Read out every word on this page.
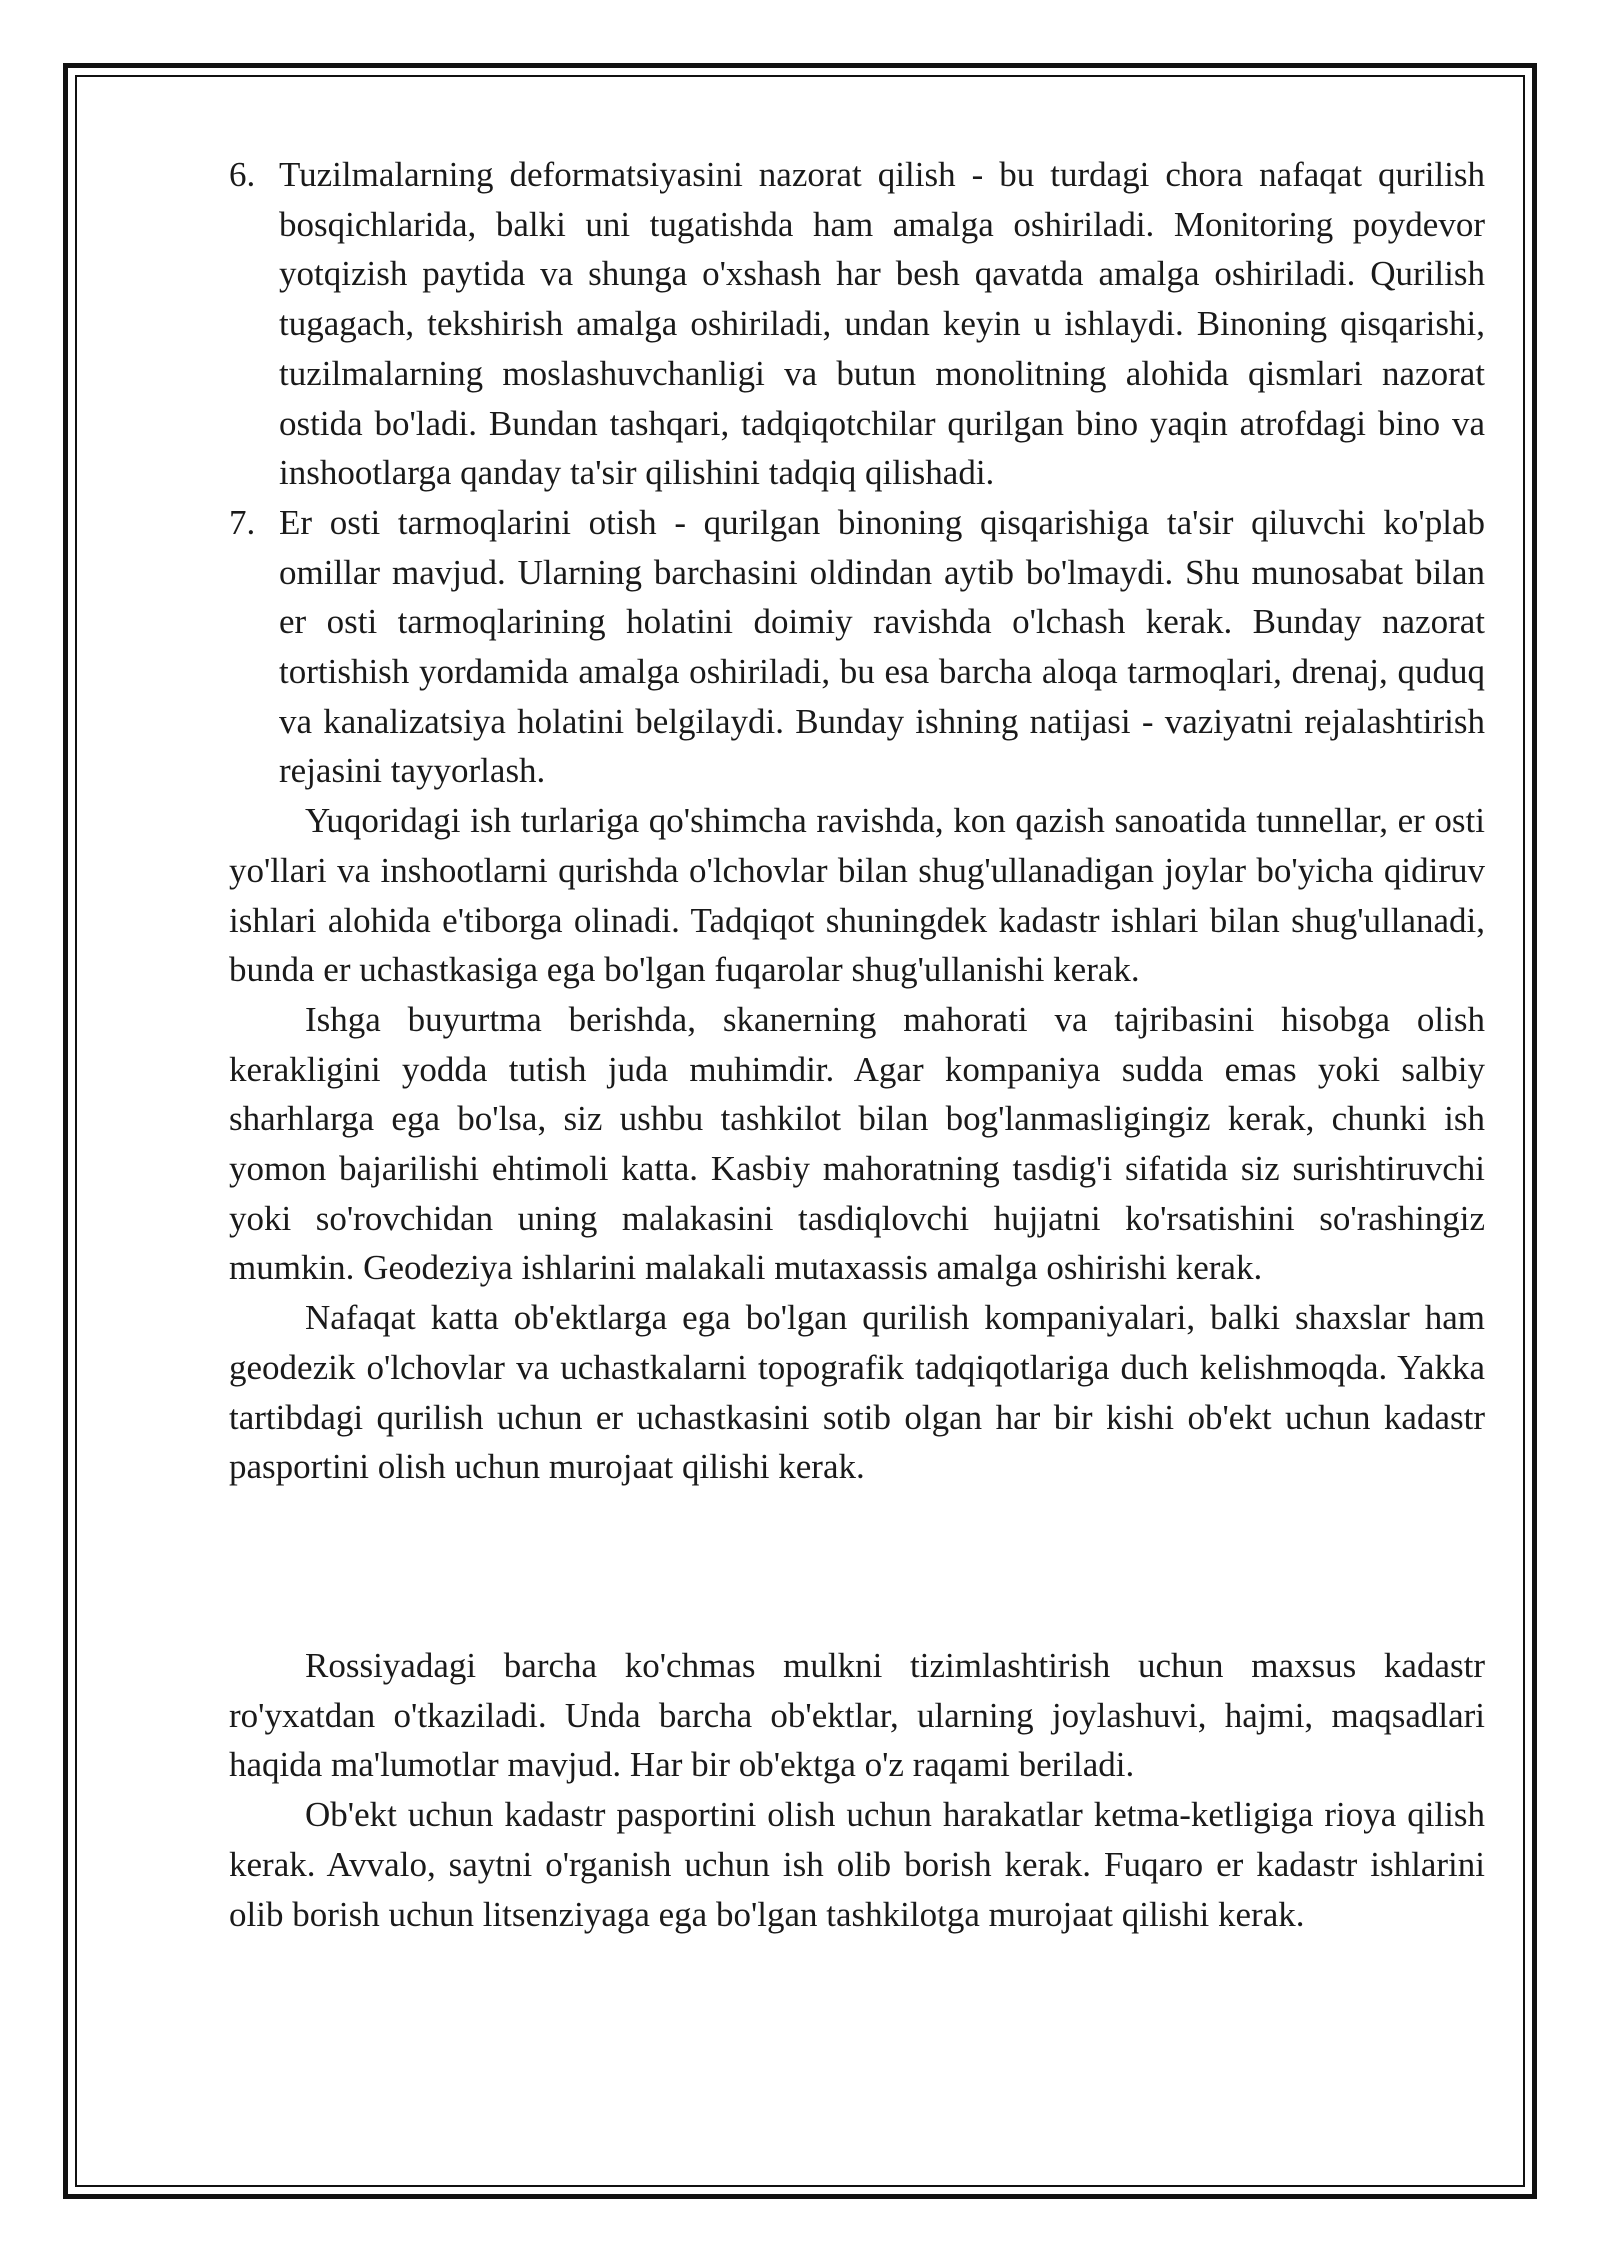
6. Tuzilmalarning deformatsiyasini nazorat qilish - bu turdagi chora nafaqat qurilish bosqichlarida, balki uni tugatishda ham amalga oshiriladi. Monitoring poydevor yotqizish paytida va shunga o'xshash har besh qavatda amalga oshiriladi. Qurilish tugagach, tekshirish amalga oshiriladi, undan keyin u ishlaydi. Binoning qisqarishi, tuzilmalarning moslashuvchanligi va butun monolitning alohida qismlari nazorat ostida bo'ladi. Bundan tashqari, tadqiqotchilar qurilgan bino yaqin atrofdagi bino va inshootlarga qanday ta'sir qilishini tadqiq qilishadi.
7. Er osti tarmoqlarini otish - qurilgan binoning qisqarishiga ta'sir qiluvchi ko'plab omillar mavjud. Ularning barchasini oldindan aytib bo'lmaydi. Shu munosabat bilan er osti tarmoqlarining holatini doimiy ravishda o'lchash kerak. Bunday nazorat tortishish yordamida amalga oshiriladi, bu esa barcha aloqa tarmoqlari, drenaj, quduq va kanalizatsiya holatini belgilaydi. Bunday ishning natijasi - vaziyatni rejalashtirish rejasini tayyorlash.

Yuqoridagi ish turlariga qo'shimcha ravishda, kon qazish sanoatida tunnellar, er osti yo'llari va inshootlarni qurishda o'lchovlar bilan shug'ullanadigan joylar bo'yicha qidiruv ishlari alohida e'tiborga olinadi. Tadqiqot shuningdek kadastr ishlari bilan shug'ullanadi, bunda er uchastkasiga ega bo'lgan fuqarolar shug'ullanishi kerak.

Ishga buyurtma berishda, skanerning mahorati va tajribasini hisobga olish kerakligini yodda tutish juda muhimdir. Agar kompaniya sudda emas yoki salbiy sharhlarga ega bo'lsa, siz ushbu tashkilot bilan bog'lanmasligingiz kerak, chunki ish yomon bajarilishi ehtimoli katta. Kasbiy mahoratning tasdig'i sifatida siz surishtiruvchi yoki so'rovchidan uning malakasini tasdiqlovchi hujjatni ko'rsatishini so'rashingiz mumkin. Geodeziya ishlarini malakali mutaxassis amalga oshirishi kerak.

Nafaqat katta ob'ektlarga ega bo'lgan qurilish kompaniyalari, balki shaxslar ham geodezik o'lchovlar va uchastkalarni topografik tadqiqotlariga duch kelishmoqda. Yakka tartibdagi qurilish uchun er uchastkasini sotib olgan har bir kishi ob'ekt uchun kadastr pasportini olish uchun murojaat qilishi kerak.

Rossiyadagi barcha ko'chmas mulkni tizimlashtirish uchun maxsus kadastr ro'yxatdan o'tkaziladi. Unda barcha ob'ektlar, ularning joylashuvi, hajmi, maqsadlari haqida ma'lumotlar mavjud. Har bir ob'ektga o'z raqami beriladi.

Ob'ekt uchun kadastr pasportini olish uchun harakatlar ketma-ketligiga rioya qilish kerak. Avvalo, saytni o'rganish uchun ish olib borish kerak. Fuqaro er kadastr ishlarini olib borish uchun litsenziyaga ega bo'lgan tashkilotga murojaat qilishi kerak.
